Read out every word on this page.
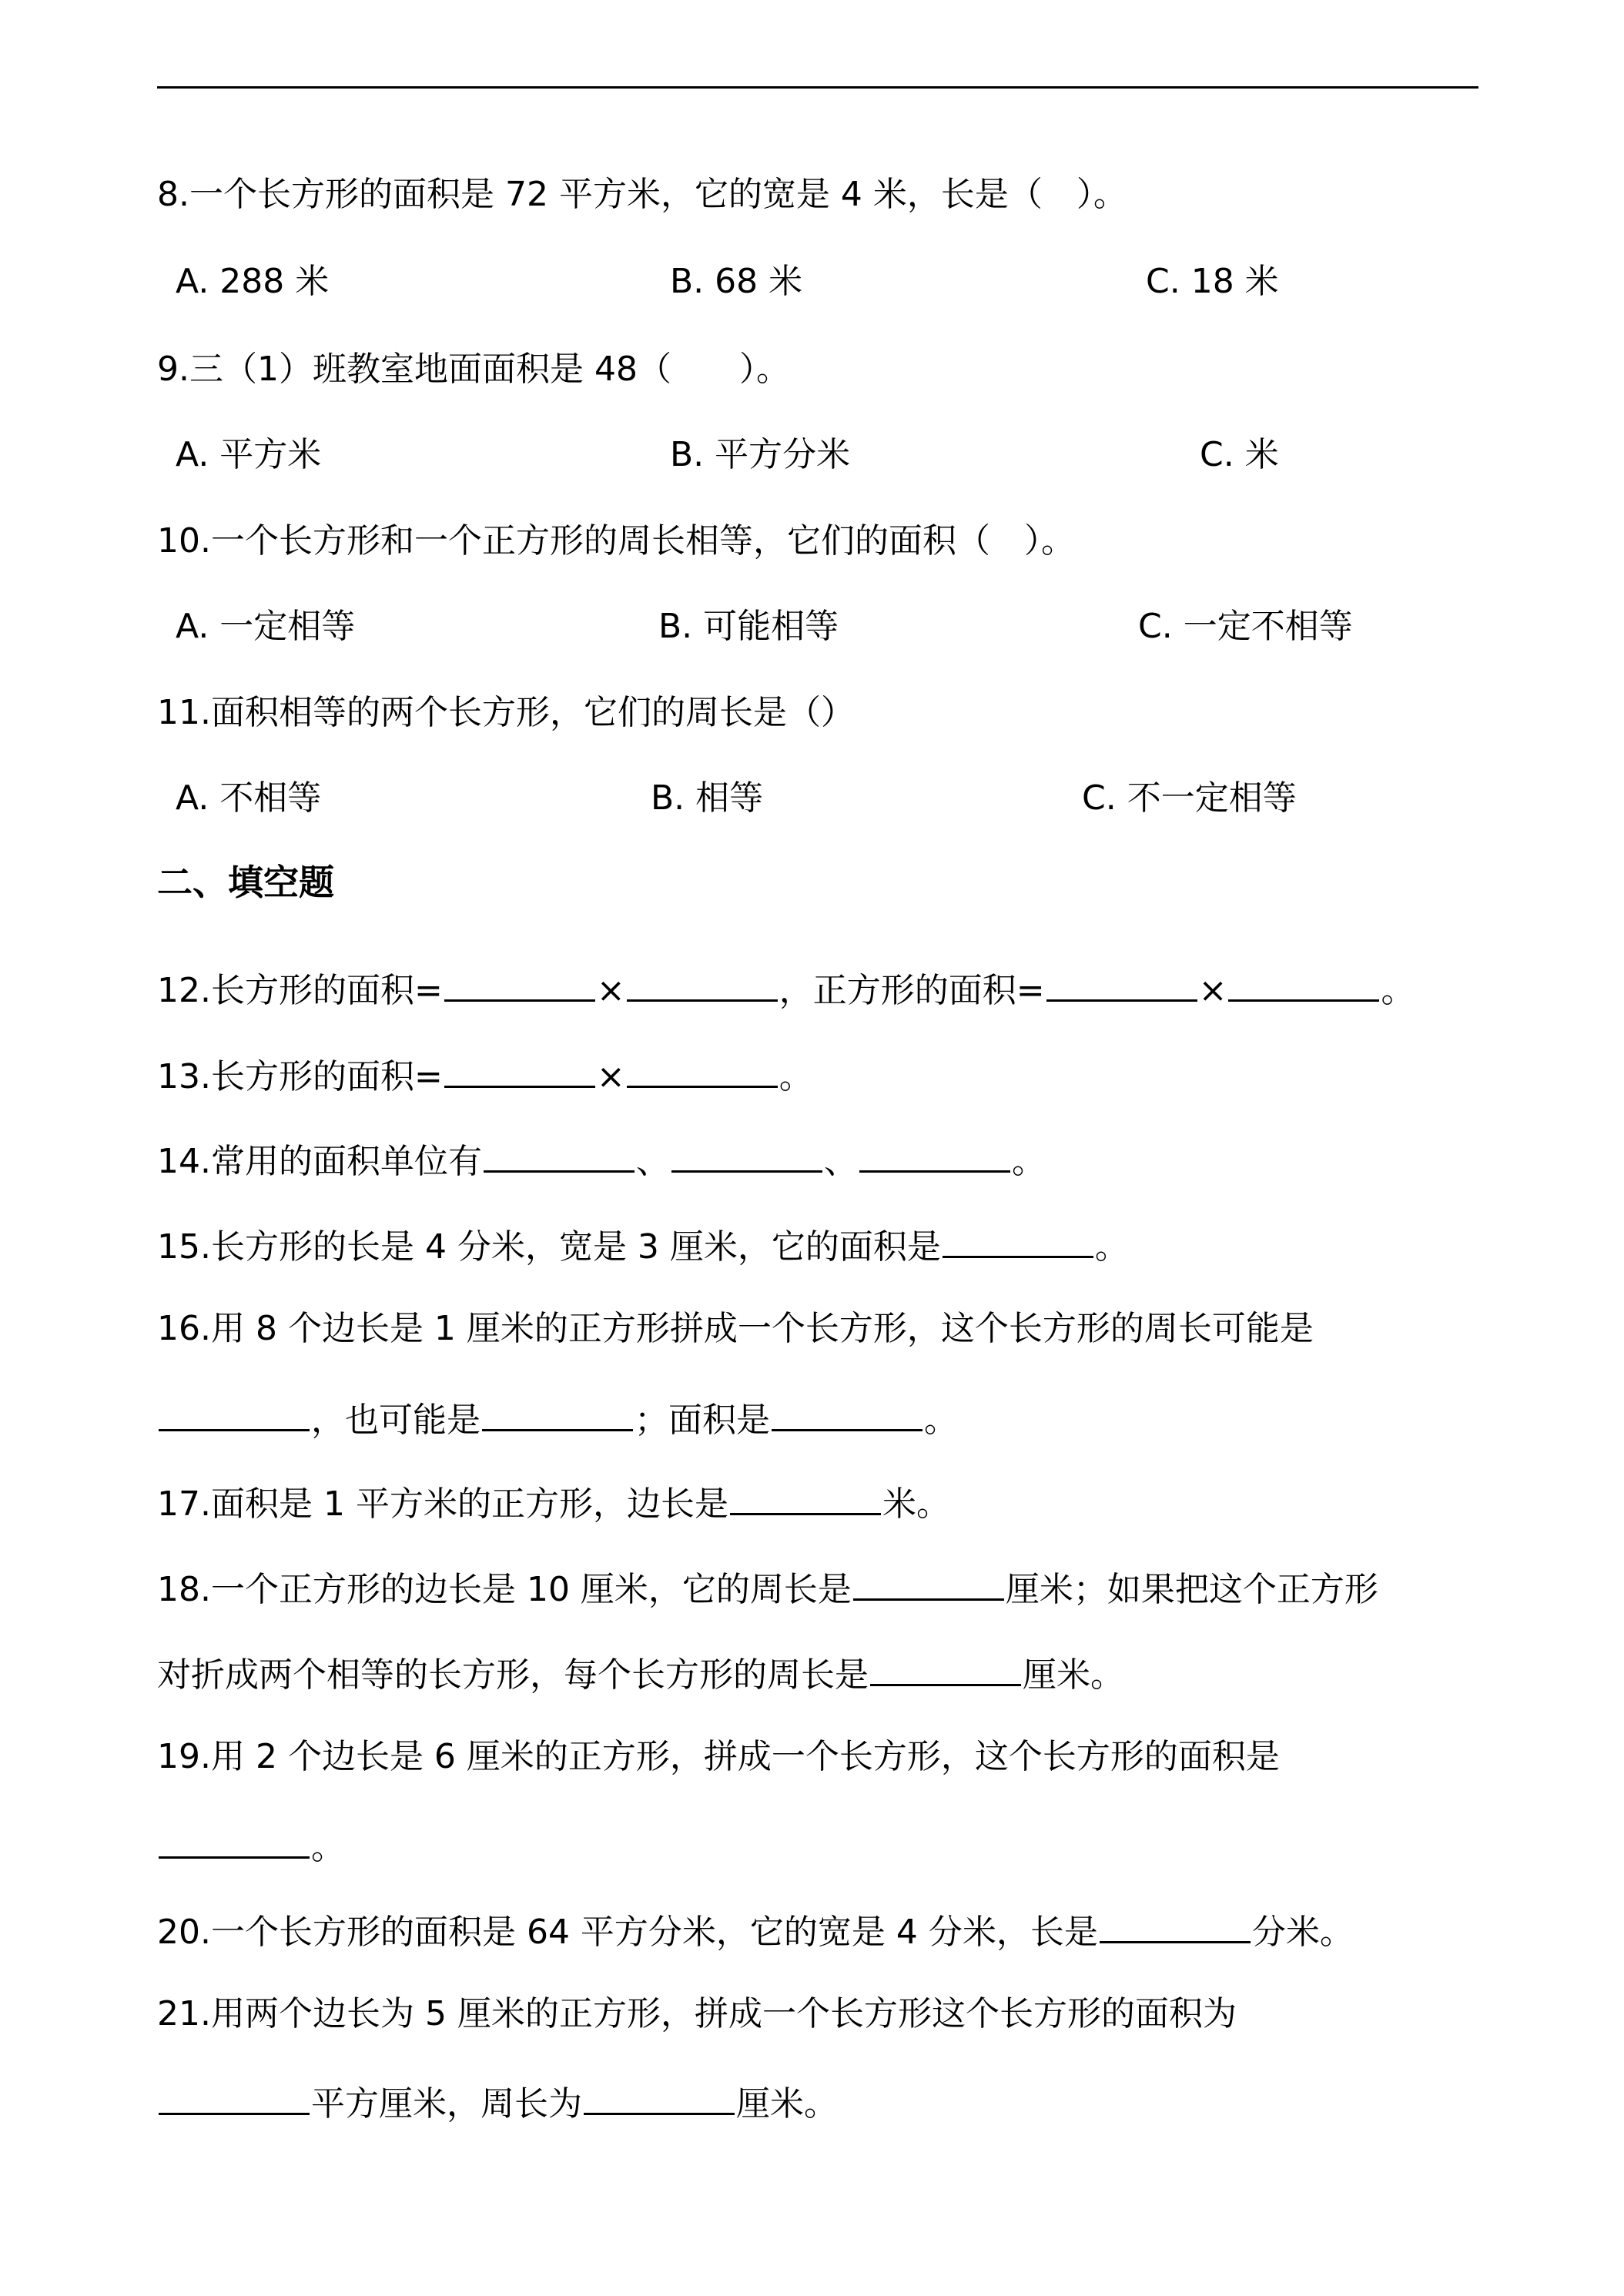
8.一个长方形的面积是 72 平方米，它的宽是 4 米，长是（　）。
A. 288 米	B. 68 米	C. 18 米
9.三（1）班教室地面面积是 48（　　）。
A. 平方米	B. 平方分米	C. 米
10.一个长方形和一个正方形的周长相等，它们的面积（　）。
A. 一定相等	B. 可能相等	C. 一定不相等
11.面积相等的两个长方形，它们的周长是（）
A. 不相等	B. 相等	C. 不一定相等
二、填空题
12.长方形的面积=	×	，正方形的面积=	×	。
13.长方形的面积=	×	。
14.常用的面积单位有	、	、	。
15.长方形的长是 4 分米，宽是 3 厘米，它的面积是	。
16.用 8 个边长是 1 厘米的正方形拼成一个长方形，这个长方形的周长可能是
，也可能是	；面积是	。
17.面积是 1 平方米的正方形，边长是	米。
18.一个正方形的边长是 10 厘米，它的周长是	厘米；如果把这个正方形
对折成两个相等的长方形，每个长方形的周长是	厘米。
19.用 2 个边长是 6 厘米的正方形，拼成一个长方形，这个长方形的面积是
。
20.一个长方形的面积是 64 平方分米，它的宽是 4 分米，长是	分米。
21.用两个边长为 5 厘米的正方形，拼成一个长方形这个长方形的面积为
平方厘米，周长为	厘米。
